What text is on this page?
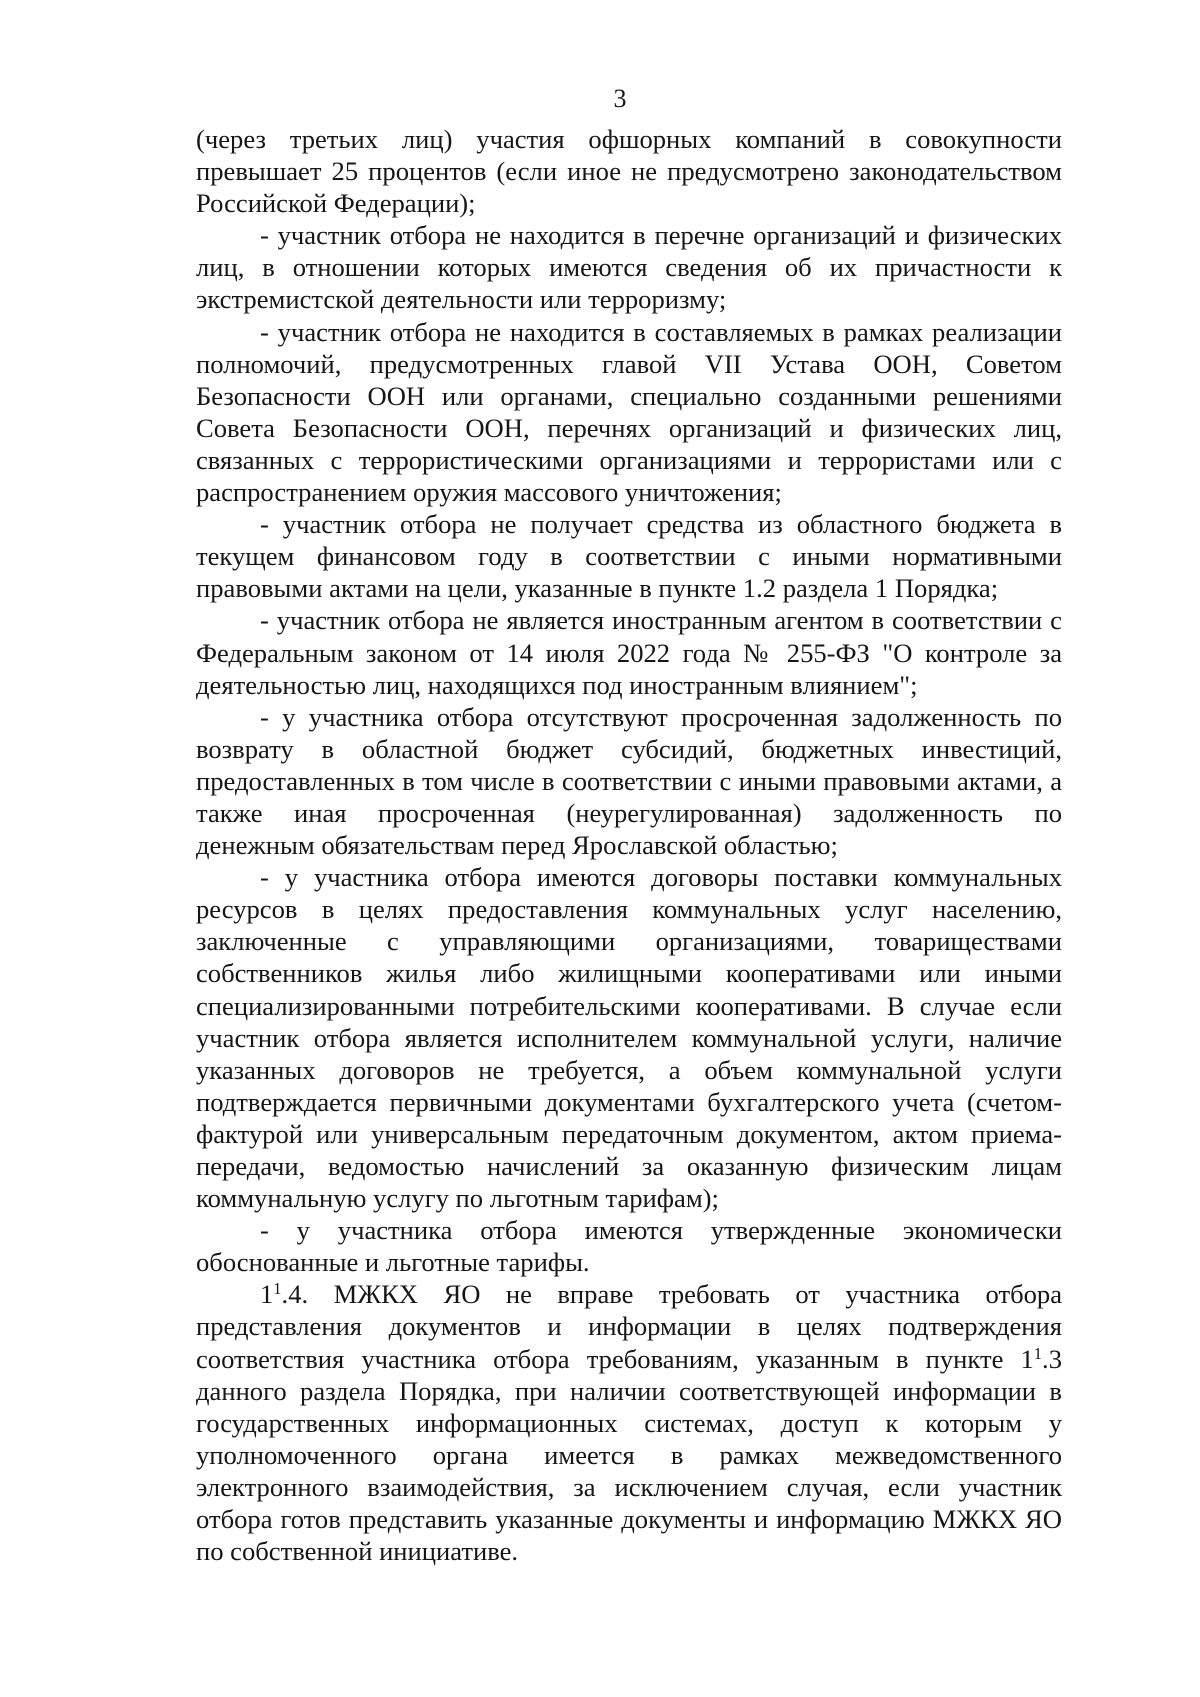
3

(через третьих лиц) участия офшорных компаний в совокупности превышает 25 процентов (если иное не предусмотрено законодательством Российской Федерации);

- участник отбора не находится в перечне организаций и физических лиц, в отношении которых имеются сведения об их причастности к экстремистской деятельности или терроризму;

- участник отбора не находится в составляемых в рамках реализации полномочий, предусмотренных главой VII Устава ООН, Советом Безопасности ООН или органами, специально созданными решениями Совета Безопасности ООН, перечнях организаций и физических лиц, связанных с террористическими организациями и террористами или с распространением оружия массового уничтожения;

- участник отбора не получает средства из областного бюджета в текущем финансовом году в соответствии с иными нормативными правовыми актами на цели, указанные в пункте 1.2 раздела 1 Порядка;

- участник отбора не является иностранным агентом в соответствии с Федеральным законом от 14 июля 2022 года № 255-ФЗ "О контроле за деятельностью лиц, находящихся под иностранным влиянием";

- у участника отбора отсутствуют просроченная задолженность по возврату в областной бюджет субсидий, бюджетных инвестиций, предоставленных в том числе в соответствии с иными правовыми актами, а также иная просроченная (неурегулированная) задолженность по денежным обязательствам перед Ярославской областью;

- у участника отбора имеются договоры поставки коммунальных ресурсов в целях предоставления коммунальных услуг населению, заключенные с управляющими организациями, товариществами собственников жилья либо жилищными кооперативами или иными специализированными потребительскими кооперативами. В случае если участник отбора является исполнителем коммунальной услуги, наличие указанных договоров не требуется, а объем коммунальной услуги подтверждается первичными документами бухгалтерского учета (счетом-фактурой или универсальным передаточным документом, актом приема-передачи, ведомостью начислений за оказанную физическим лицам коммунальную услугу по льготным тарифам);

- у участника отбора имеются утвержденные экономически обоснованные и льготные тарифы.

$1^1.4$. МЖКХ ЯО не вправе требовать от участника отбора представления документов и информации в целях подтверждения соответствия участника отбора требованиям, указанным в пункте $1^1.3$ данного раздела Порядка, при наличии соответствующей информации в государственных информационных системах, доступ к которым у уполномоченного органа имеется в рамках межведомственного электронного взаимодействия, за исключением случая, если участник отбора готов представить указанные документы и информацию МЖКХ ЯО по собственной инициативе.
